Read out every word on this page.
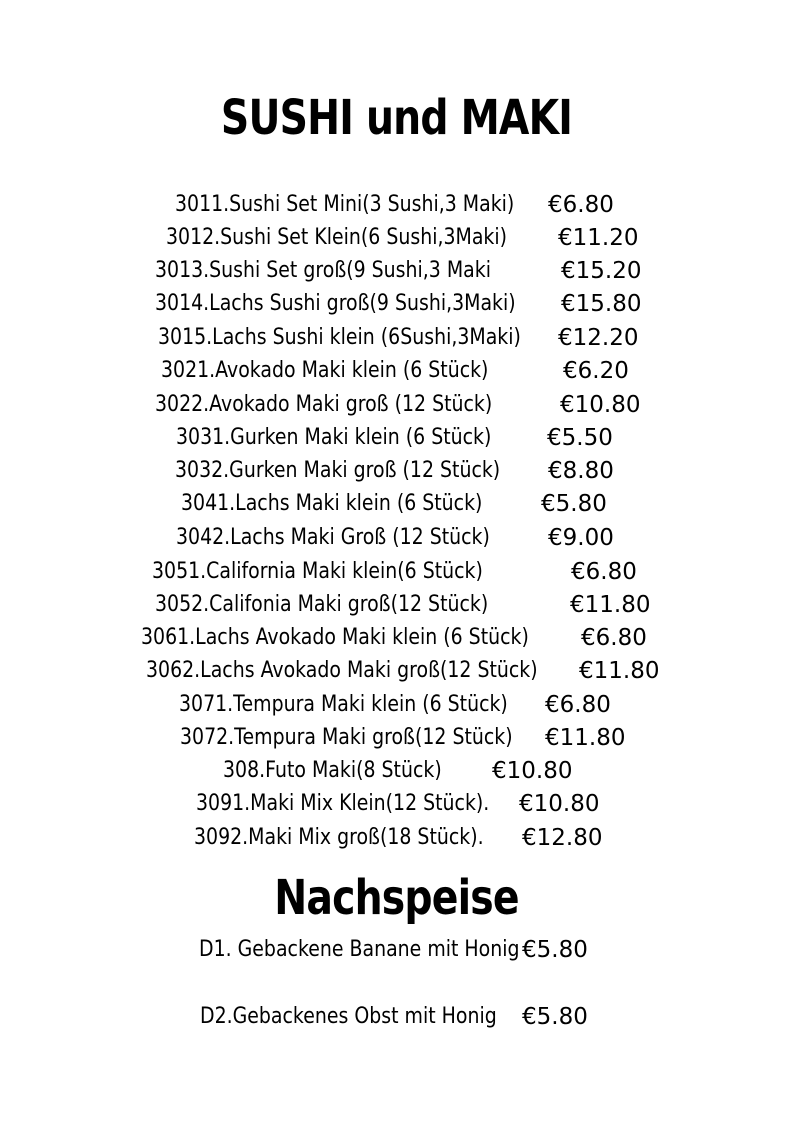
SUSHI und MAKI
3011.Sushi Set Mini(3 Sushi,3 Maki) €6.80
3012.Sushi Set Klein(6 Sushi,3Maki) €11.20
3013.Sushi Set groß(9 Sushi,3 Maki	€15.20
3014.Lachs Sushi groß(9 Sushi,3Maki) €15.80
3015.Lachs Sushi klein (6Sushi,3Maki) €12.20
3021.Avokado Maki klein (6 Stück)	€6.20
3022.Avokado Maki groß (12 Stück)	€10.80
3031.Gurken Maki klein (6 Stück) €5.50
3032.Gurken Maki groß (12 Stück) €8.80
3041.Lachs Maki klein (6 Stück)	€5.80
3042.Lachs Maki Groß (12 Stück)	€9.00
3051.California Maki klein(6 Stück)	€6.80
3052.Califonia Maki groß(12 Stück)	€11.80
3061.Lachs Avokado Maki klein (6 Stück) €6.80
3062.Lachs Avokado Maki groß(12 Stück) €11.80
3071.Tempura Maki klein (6 Stück) €6.80
3072.Tempura Maki groß(12 Stück) €11.80
308.Futo Maki(8 Stück) €10.80
3091.Maki Mix Klein(12 Stück). €10.80
3092.Maki Mix groß(18 Stück). €12.80
Nachspeise
D1. Gebackene Banane mit Honig €5.80
D2.Gebackenes Obst mit Honig €5.80
